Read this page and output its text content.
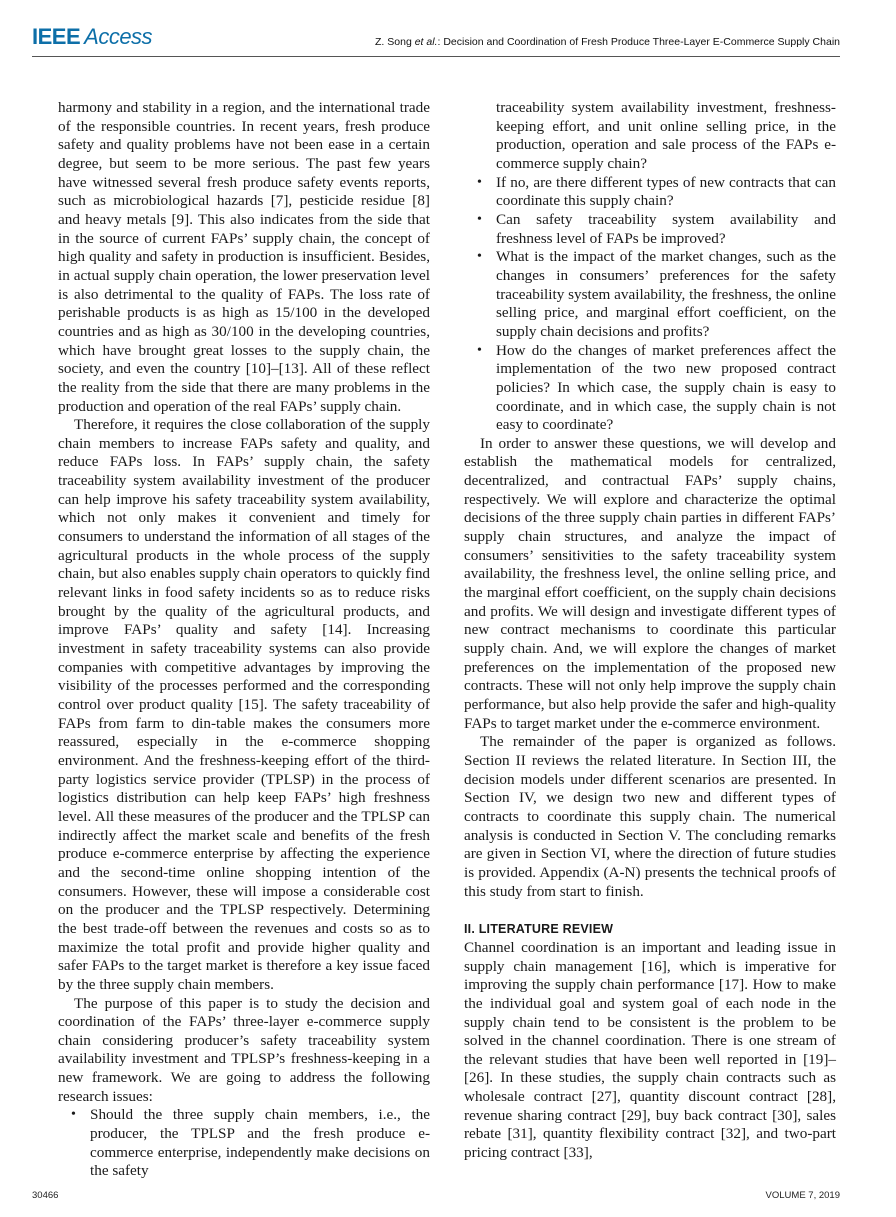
IEEE Access	Z. Song et al.: Decision and Coordination of Fresh Produce Three-Layer E-Commerce Supply Chain

harmony and stability in a region, and the international trade of the responsible countries. In recent years, fresh produce safety and quality problems have not been ease in a certain degree, but seem to be more serious. The past few years have witnessed several fresh produce safety events reports, such as microbiological hazards [7], pesticide residue [8] and heavy metals [9]. This also indicates from the side that in the source of current FAPs’ supply chain, the concept of high quality and safety in production is insufficient. Besides, in actual supply chain operation, the lower preservation level is also detrimental to the quality of FAPs. The loss rate of perishable products is as high as 15/100 in the developed countries and as high as 30/100 in the developing countries, which have brought great losses to the supply chain, the society, and even the country [10]–[13]. All of these reflect the reality from the side that there are many problems in the production and operation of the real FAPs’ supply chain.

Therefore, it requires the close collaboration of the supply chain members to increase FAPs safety and quality, and reduce FAPs loss. In FAPs’ supply chain, the safety traceability system availability investment of the producer can help improve his safety traceability system availability, which not only makes it convenient and timely for consumers to understand the information of all stages of the agricultural products in the whole process of the supply chain, but also enables supply chain operators to quickly find relevant links in food safety incidents so as to reduce risks brought by the quality of the agricultural products, and improve FAPs’ quality and safety [14]. Increasing investment in safety traceability systems can also provide companies with competitive advantages by improving the visibility of the processes performed and the corresponding control over product quality [15]. The safety traceability of FAPs from farm to din-table makes the consumers more reassured, especially in the e-commerce shopping environment. And the freshness-keeping effort of the third-party logistics service provider (TPLSP) in the process of logistics distribution can help keep FAPs’ high freshness level. All these measures of the producer and the TPLSP can indirectly affect the market scale and benefits of the fresh produce e-commerce enterprise by affecting the experience and the second-time online shopping intention of the consumers. However, these will impose a considerable cost on the producer and the TPLSP respectively. Determining the best trade-off between the revenues and costs so as to maximize the total profit and provide higher quality and safer FAPs to the target market is therefore a key issue faced by the three supply chain members.

The purpose of this paper is to study the decision and coordination of the FAPs’ three-layer e-commerce supply chain considering producer’s safety traceability system availability investment and TPLSP’s freshness-keeping in a new framework. We are going to address the following research issues:

• Should the three supply chain members, i.e., the producer, the TPLSP and the fresh produce e-commerce enterprise, independently make decisions on the safety
traceability system availability investment, freshness-keeping effort, and unit online selling price, in the production, operation and sale process of the FAPs e-commerce supply chain?
• If no, are there different types of new contracts that can coordinate this supply chain?
• Can safety traceability system availability and freshness level of FAPs be improved?
• What is the impact of the market changes, such as the changes in consumers’ preferences for the safety traceability system availability, the freshness, the online selling price, and marginal effort coefficient, on the supply chain decisions and profits?
• How do the changes of market preferences affect the implementation of the two new proposed contract policies? In which case, the supply chain is easy to coordinate, and in which case, the supply chain is not easy to coordinate?

In order to answer these questions, we will develop and establish the mathematical models for centralized, decentralized, and contractual FAPs’ supply chains, respectively. We will explore and characterize the optimal decisions of the three supply chain parties in different FAPs’ supply chain structures, and analyze the impact of consumers’ sensitivities to the safety traceability system availability, the freshness level, the online selling price, and the marginal effort coefficient, on the supply chain decisions and profits. We will design and investigate different types of new contract mechanisms to coordinate this particular supply chain. And, we will explore the changes of market preferences on the implementation of the proposed new contracts. These will not only help improve the supply chain performance, but also help provide the safer and high-quality FAPs to target market under the e-commerce environment.

The remainder of the paper is organized as follows. Section II reviews the related literature. In Section III, the decision models under different scenarios are presented. In Section IV, we design two new and different types of contracts to coordinate this supply chain. The numerical analysis is conducted in Section V. The concluding remarks are given in Section VI, where the direction of future studies is provided. Appendix (A-N) presents the technical proofs of this study from start to finish.

II. LITERATURE REVIEW

Channel coordination is an important and leading issue in supply chain management [16], which is imperative for improving the supply chain performance [17]. How to make the individual goal and system goal of each node in the supply chain tend to be consistent is the problem to be solved in the channel coordination. There is one stream of the relevant studies that have been well reported in [19]–[26]. In these studies, the supply chain contracts such as wholesale contract [27], quantity discount contract [28], revenue sharing contract [29], buy back contract [30], sales rebate [31], quantity flexibility contract [32], and two-part pricing contract [33],

30466	VOLUME 7, 2019
